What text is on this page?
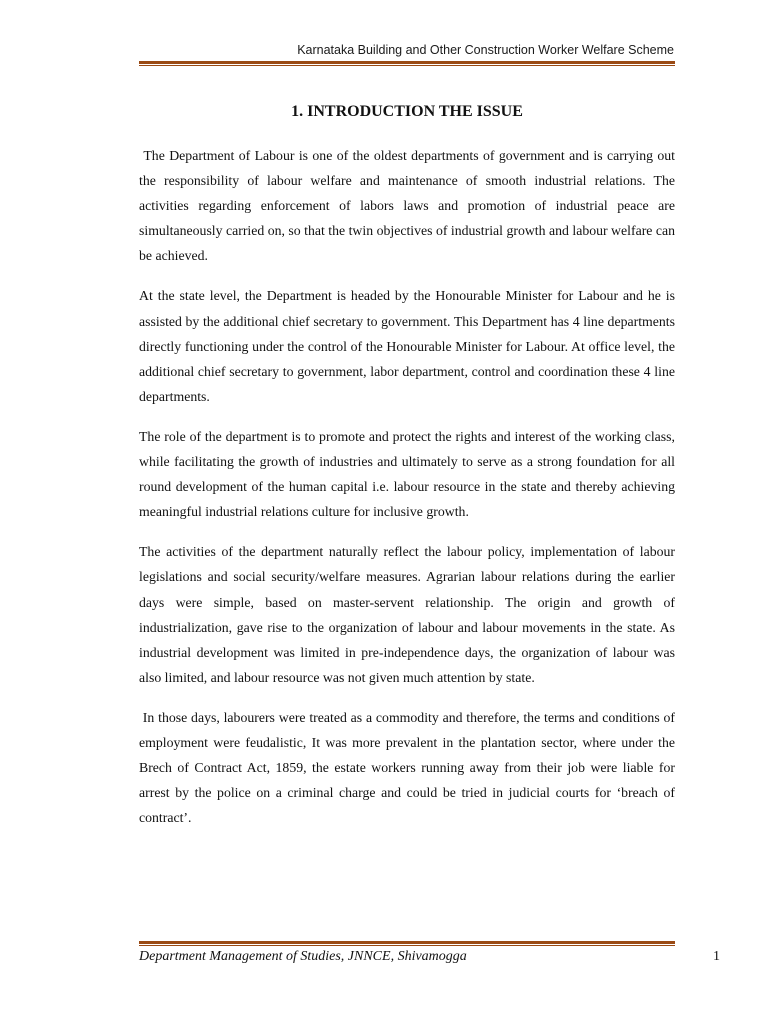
Karnataka Building and Other Construction Worker Welfare Scheme
1. INTRODUCTION THE ISSUE

The Department of Labour is one of the oldest departments of government and is carrying out the responsibility of labour welfare and maintenance of smooth industrial relations. The activities regarding enforcement of labors laws and promotion of industrial peace are simultaneously carried on, so that the twin objectives of industrial growth and labour welfare can be achieved.

At the state level, the Department is headed by the Honourable Minister for Labour and he is assisted by the additional chief secretary to government. This Department has 4 line departments directly functioning under the control of the Honourable Minister for Labour. At office level, the additional chief secretary to government, labor department, control and coordination these 4 line departments.

The role of the department is to promote and protect the rights and interest of the working class, while facilitating the growth of industries and ultimately to serve as a strong foundation for all round development of the human capital i.e. labour resource in the state and thereby achieving meaningful industrial relations culture for inclusive growth.

The activities of the department naturally reflect the labour policy, implementation of labour legislations and social security/welfare measures. Agrarian labour relations during the earlier days were simple, based on master-servent relationship. The origin and growth of industrialization, gave rise to the organization of labour and labour movements in the state. As industrial development was limited in pre-independence days, the organization of labour was also limited, and labour resource was not given much attention by state.

In those days, labourers were treated as a commodity and therefore, the terms and conditions of employment were feudalistic, It was more prevalent in the plantation sector, where under the Brech of Contract Act, 1859, the estate workers running away from their job were liable for arrest by the police on a criminal charge and could be tried in judicial courts for ‘breach of contract’.

Department Management of Studies, JNNCE, Shivamogga	1
